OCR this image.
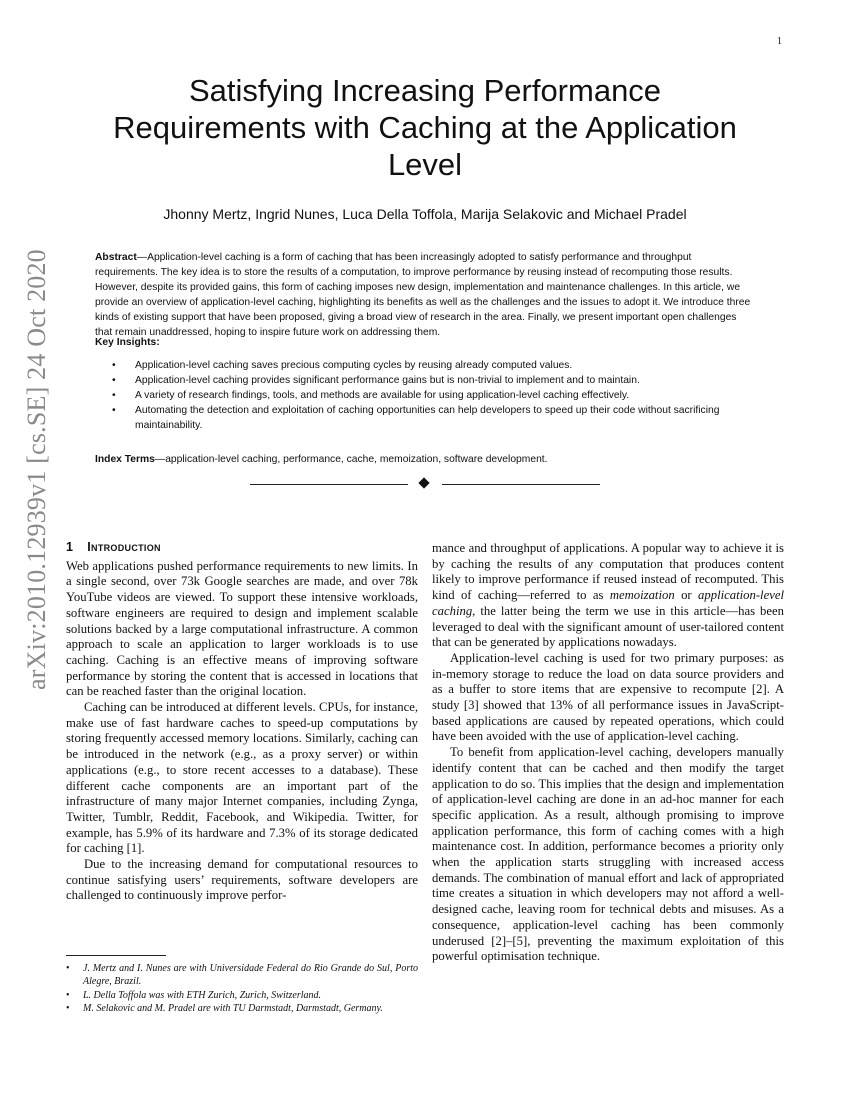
1
arXiv:2010.12939v1 [cs.SE] 24 Oct 2020
Satisfying Increasing Performance Requirements with Caching at the Application Level
Jhonny Mertz, Ingrid Nunes, Luca Della Toffola, Marija Selakovic and Michael Pradel
Abstract—Application-level caching is a form of caching that has been increasingly adopted to satisfy performance and throughput requirements. The key idea is to store the results of a computation, to improve performance by reusing instead of recomputing those results. However, despite its provided gains, this form of caching imposes new design, implementation and maintenance challenges. In this article, we provide an overview of application-level caching, highlighting its benefits as well as the challenges and the issues to adopt it. We introduce three kinds of existing support that have been proposed, giving a broad view of research in the area. Finally, we present important open challenges that remain unaddressed, hoping to inspire future work on addressing them.
Key Insights:
• Application-level caching saves precious computing cycles by reusing already computed values.
• Application-level caching provides significant performance gains but is non-trivial to implement and to maintain.
• A variety of research findings, tools, and methods are available for using application-level caching effectively.
• Automating the detection and exploitation of caching opportunities can help developers to speed up their code without sacrificing maintainability.
Index Terms—application-level caching, performance, cache, memoization, software development.
1 Introduction

Web applications pushed performance requirements to new limits. In a single second, over 73k Google searches are made, and over 78k YouTube videos are viewed. To support these intensive workloads, software engineers are required to design and implement scalable solutions backed by a large computational infrastructure. A common approach to scale an application to larger workloads is to use caching. Caching is an effective means of improving software performance by storing the content that is accessed in locations that can be reached faster than the original location.

Caching can be introduced at different levels. CPUs, for instance, make use of fast hardware caches to speed-up computations by storing frequently accessed memory locations. Similarly, caching can be introduced in the network (e.g., as a proxy server) or within applications (e.g., to store recent accesses to a database). These different cache components are an important part of the infrastructure of many major Internet companies, including Zynga, Twitter, Tumblr, Reddit, Facebook, and Wikipedia. Twitter, for example, has 5.9% of its hardware and 7.3% of its storage dedicated for caching [1].

Due to the increasing demand for computational resources to continue satisfying users’ requirements, software developers are challenged to continuously improve perfor-

• J. Mertz and I. Nunes are with Universidade Federal do Rio Grande do Sul, Porto Alegre, Brazil.
• L. Della Toffola was with ETH Zurich, Zurich, Switzerland.
• M. Selakovic and M. Pradel are with TU Darmstadt, Darmstadt, Germany.

mance and throughput of applications. A popular way to achieve it is by caching the results of any computation that produces content likely to improve performance if reused instead of recomputed. This kind of caching—referred to as memoization or application-level caching, the latter being the term we use in this article—has been leveraged to deal with the significant amount of user-tailored content that can be generated by applications nowadays.

Application-level caching is used for two primary purposes: as in-memory storage to reduce the load on data source providers and as a buffer to store items that are expensive to recompute [2]. A study [3] showed that 13% of all performance issues in JavaScript-based applications are caused by repeated operations, which could have been avoided with the use of application-level caching.

To benefit from application-level caching, developers manually identify content that can be cached and then modify the target application to do so. This implies that the design and implementation of application-level caching are done in an ad-hoc manner for each specific application. As a result, although promising to improve application performance, this form of caching comes with a high maintenance cost. In addition, performance becomes a priority only when the application starts struggling with increased access demands. The combination of manual effort and lack of appropriated time creates a situation in which developers may not afford a well-designed cache, leaving room for technical debts and misuses. As a consequence, application-level caching has been commonly underused [2]–[5], preventing the maximum exploitation of this powerful optimisation technique.
